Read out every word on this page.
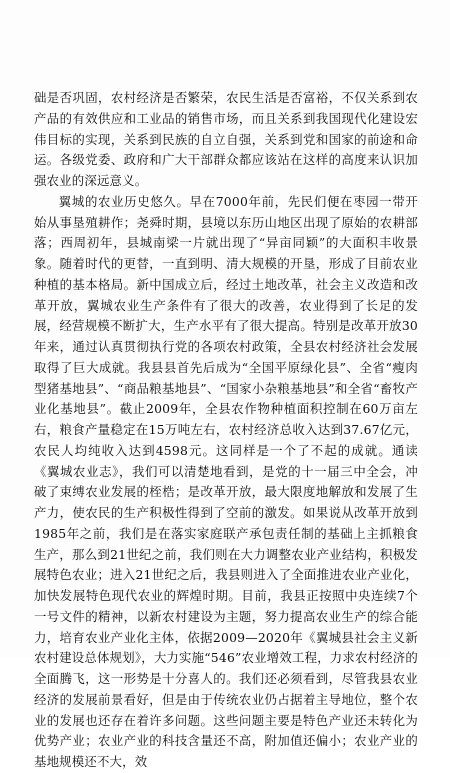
础是否巩固，农村经济是否繁荣，农民生活是否富裕，不仅关系到农产品的有效供应和工业品的销售市场，而且关系到我国现代化建设宏伟目标的实现，关系到民族的自立自强，关系到党和国家的前途和命运。各级党委、政府和广大干部群众都应该站在这样的高度来认识加强农业的深远意义。

翼城的农业历史悠久。早在7000年前，先民们便在枣园一带开始从事垦殖耕作；尧舜时期，县境以东历山地区出现了原始的农耕部落；西周初年，县城南梁一片就出现了“异亩同颖”的大面积丰收景象。随着时代的更替，一直到明、清大规模的开垦，形成了目前农业种植的基本格局。新中国成立后，经过土地改革，社会主义改造和改革开放，翼城农业生产条件有了很大的改善，农业得到了长足的发展，经营规模不断扩大，生产水平有了很大提高。特别是改革开放30年来，通过认真贯彻执行党的各项农村政策，全县农村经济社会发展取得了巨大成就。我县县首先后成为“全国平原绿化县”、全省“瘦肉型猪基地县”、“商品粮基地县”、“国家小杂粮基地县”和全省“畜牧产业化基地县”。截止2009年，全县农作物种植面积控制在60万亩左右，粮食产量稳定在15万吨左右，农村经济总收入达到37.67亿元，农民人均纯收入达到4598元。这同样是一个了不起的成就。通读《翼城农业志》，我们可以清楚地看到，是党的十一届三中全会，冲破了束缚农业发展的桎梏；是改革开放，最大限度地解放和发展了生产力，使农民的生产积极性得到了空前的激发。如果说从改革开放到1985年之前，我们是在落实家庭联产承包责任制的基础上主抓粮食生产，那么到21世纪之前，我们则在大力调整农业产业结构，积极发展特色农业；进入21世纪之后，我县则进入了全面推进农业产业化，加快发展特色现代农业的辉煌时期。目前，我县正按照中央连续7个一号文件的精神，以新农村建设为主题，努力提高农业生产的综合能力，培育农业产业化主体，依据2009—2020年《翼城县社会主义新农村建设总体规划》，大力实施“546”农业增效工程，力求农村经济的全面腾飞，这一形势是十分喜人的。我们还必须看到，尽管我县农业经济的发展前景看好，但是由于传统农业仍占据着主导地位，整个农业的发展也还存在着许多问题。这些问题主要是特色产业还未转化为优势产业；农业产业的科技含量还不高，附加值还偏小；农业产业的基地规模还不大，效
